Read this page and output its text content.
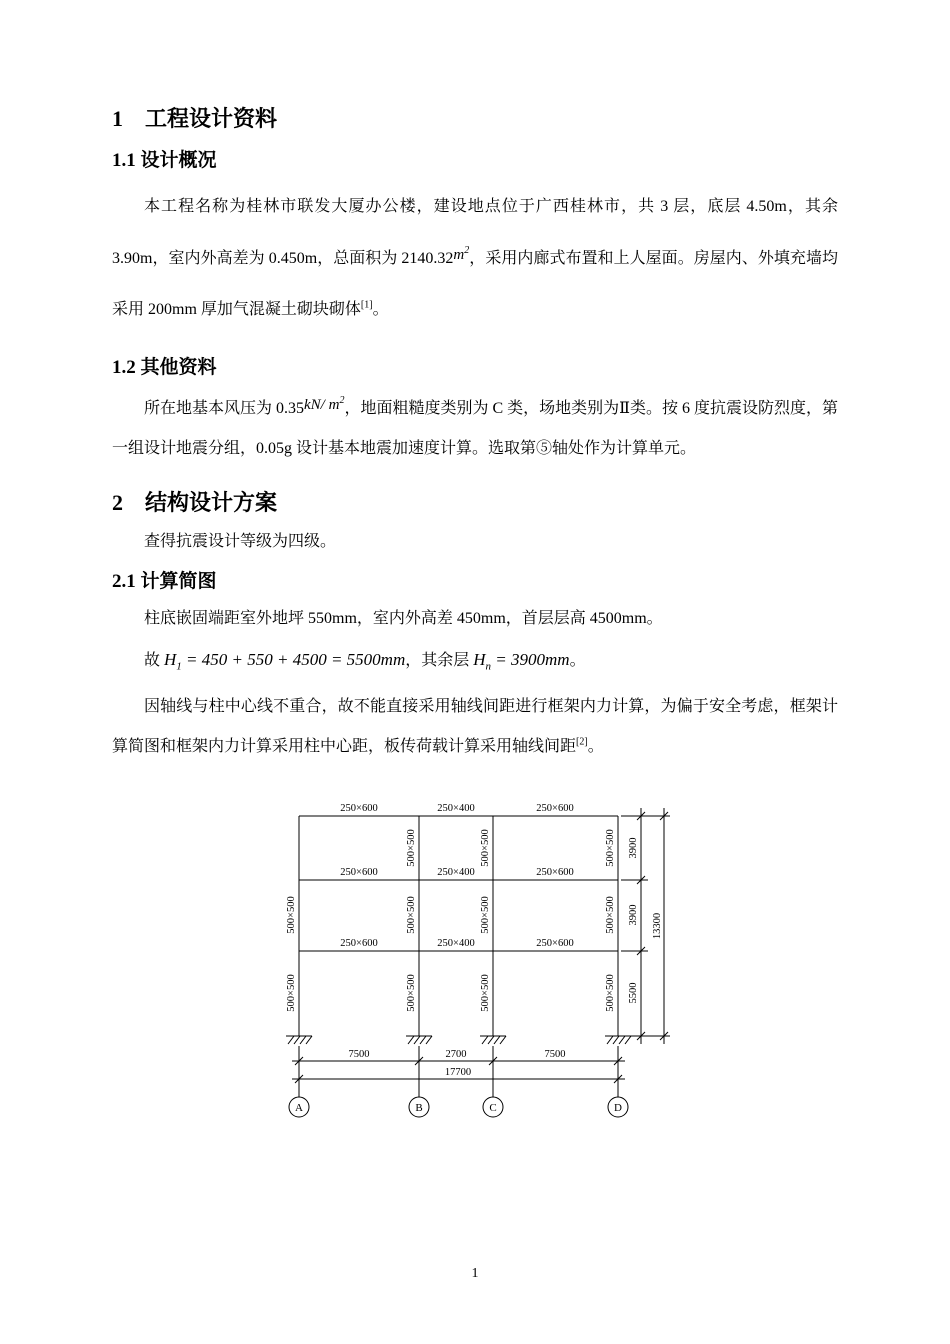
1　工程设计资料
1.1 设计概况

本工程名称为桂林市联发大厦办公楼，建设地点位于广西桂林市，共 3 层，底层 4.50m，其余 3.90m，室内外高差为 0.450m，总面积为 $2140.32m^2$，采用内廊式布置和上人屋面。房屋内、外填充墙均采用 200mm 厚加气混凝土砌块砌体[1]。

1.2 其他资料

所在地基本风压为 0.35kN/ $m^2$，地面粗糙度类别为 C 类，场地类别为Ⅱ类。按 6 度抗震设防烈度，第一组设计地震分组，0.05g 设计基本地震加速度计算。选取第⑤轴处作为计算单元。

2　结构设计方案

查得抗震设计等级为四级。

2.1 计算简图

柱底嵌固端距室外地坪 550mm，室内外高差 450mm，首层层高 4500mm。

故 $H_1 = 450 + 550 + 4500 = 5500mm$，其余层 $H_n = 3900mm$。

因轴线与柱中心线不重合，故不能直接采用轴线间距进行框架内力计算，为偏于安全考虑，框架计算简图和框架内力计算采用柱中心距，板传荷载计算采用轴线间距[2]。

250×600	250×400	250×600
250×600	250×400	250×600
250×600	250×400	250×600
500×500	500×500	500×500
500×500	500×500	500×500	500×500
500×500	500×500	500×500	500×500
3900
3900
5500
13300
7500	2700	7500
17700
A	B	C	D
1
